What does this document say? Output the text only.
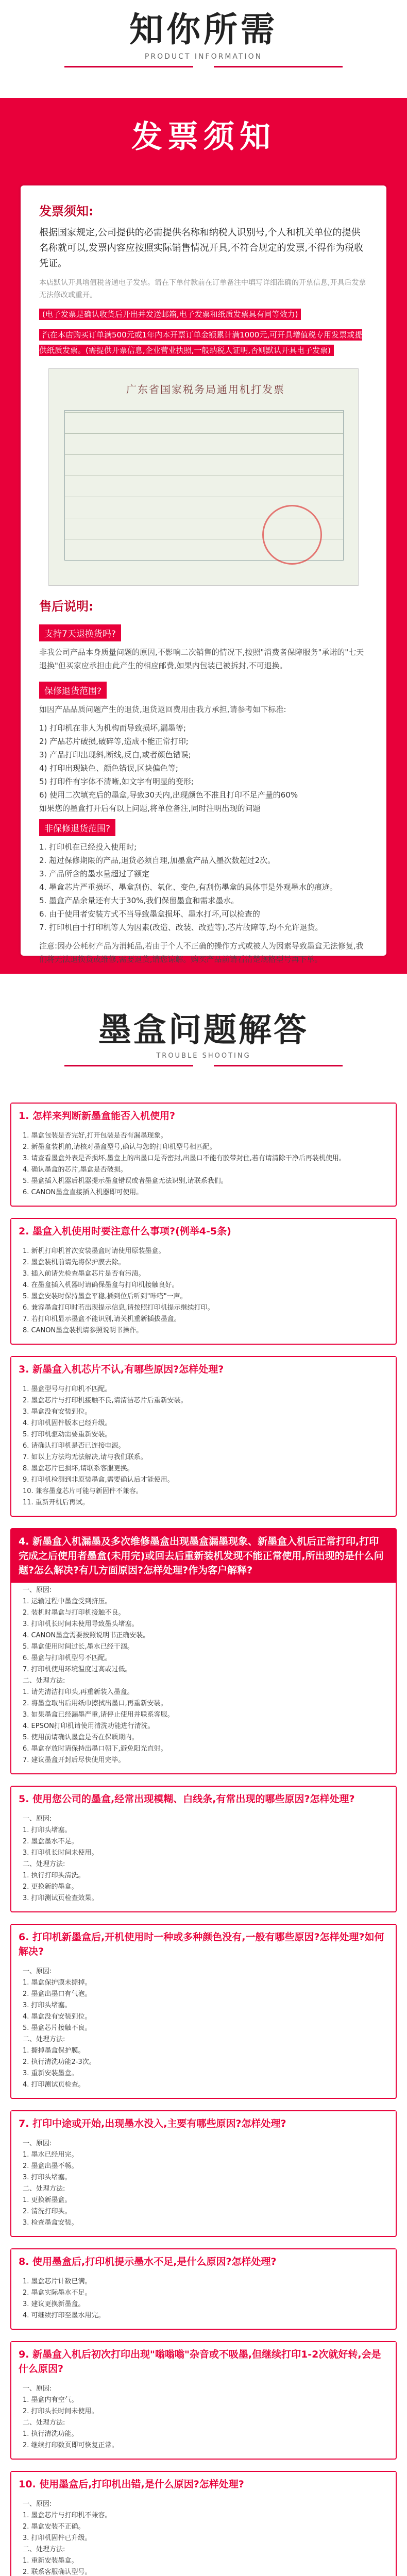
知你所需
PRODUCT INFORMATION
发票须知
发票须知:

根据国家规定,公司提供的必需提供名称和纳税人识别号,个人和机关单位的提供名称就可以,发票内容应按照实际销售情况开具,不符合规定的发票,不得作为税收凭证。

本店默认开具增值税普通电子发票。请在下单付款前在订单备注中填写详细准确的开票信息,开具后发票无法修改或重开。

(电子发票是确认收货后开出并发送邮箱,电子发票和纸质发票具有同等效力)
汽在本店购买订单满500元或1年内本开票订单金额累计满1000元,可开具增值税专用发票或提供纸质发票。(需提供开票信息,企业营业执照,一般纳税人证明,否则默认开具电子发票)
广东省国家税务局通用机打发票
售后说明:
支持7天退换货吗?

非我公司产品本身质量问题的原因,不影响二次销售的情况下,按照"消费者保障服务"承诺的"七天退换"但买家应承担由此产生的相应邮费,如果内包装已被拆封,不可退换。

保修退货范围?

如因产品品质问题产生的退货,退货返回费用由我方承担,请参考如下标准:

1) 打印机在非人为机构而导致损坏,漏墨等;
2) 产品芯片破损,破碎等,造成不能正常打印;
3) 产品打印出现斜,断线,反白,或者颜色错误;
4) 打印出现缺色、颜色错误,区块偏色等;
5) 打印件有字体不清晰,如文字有明显的变形;
6) 使用二次填充后的墨盒,导致30天内,出现颜色不准且打印不足产量的60%
如果您的墨盒打开后有以上问题,将单位备注,同时注明出现的问题
非保修退货范围?
1. 打印机在已经投入使用时;
2. 超过保修期限的产品,退货必须自理,加墨盒产品入墨次数超过2次。
3. 产品所含的墨水量超过了额定
4. 墨盒芯片严重损坏、墨盒刮伤、氧化、变色,有刮伤墨盒的具体事是外观墨水的痕迹。
5. 墨盒产品余量还有大于30%,我们保留墨盒和需求墨水。
6. 由于使用者安装方式不当导致墨盒损坏、墨水打坏,可以检查的
7. 打印机由于打印机等人为因素(改造、改装、改造等),芯片故障等,均不允许退货。

注意:因办公耗材产品为消耗品,若由于个人不正确的操作方式或被人为因素导致墨盒无法修复,我们将无法退换货或维修,需要退货,请您谅解。购买产品前请看清楚规格型号再下单。

墨盒问题解答
TROUBLE SHOOTING
1. 怎样来判断新墨盒能否入机使用?
1. 墨盒包装是否完好,打开包装是否有漏墨现象。
2. 新墨盒装机前,请核对墨盒型号,确认与您的打印机型号相匹配。
3. 请查看墨盒外表是否损坏,墨盒上的出墨口是否密封,出墨口不能有胶带封住,若有请清除干净后再装机使用。
4. 确认墨盒的芯片,墨盒是否破损。
5. 墨盒插入机器后机器提示墨盒错误或者墨盒无法识别,请联系我们。
6. CANON墨盒直接插入机器即可使用。
2. 墨盒入机使用时要注意什么事项?(例举4-5条)
1. 新机打印机首次安装墨盒时请使用原装墨盒。
2. 墨盒装机前请先将保护膜去除。
3. 插入前请先检查墨盒芯片是否有污渍。
4. 在墨盒插入机器时请确保墨盒与打印机接触良好。
5. 墨盒安装时保持墨盒平稳,插到位后听到"咔嗒"一声。
6. 兼容墨盒打印时若出现提示信息,请按照打印机提示继续打印。
7. 若打印机显示墨盒不能识别,请关机重新插拔墨盒。
8. CANON墨盒装机请参照说明书操作。
3. 新墨盒入机芯片不认,有哪些原因?怎样处理?
1. 墨盒型号与打印机不匹配。
2. 墨盒芯片与打印机接触不良,请清洁芯片后重新安装。
3. 墨盒没有安装到位。
4. 打印机固件版本已经升级。
5. 打印机驱动需要重新安装。
6. 请确认打印机是否已连接电源。
7. 如以上方法均无法解决,请与我们联系。
8. 墨盒芯片已损坏,请联系客服更换。
9. 打印机检测到非原装墨盒,需要确认后才能使用。
10. 兼容墨盒芯片可能与新固件不兼容。
11. 重新开机后再试。
4. 新墨盒入机漏墨及多次维修墨盒出现墨盒漏墨现象、新墨盒入机后正常打印,打印完成之后使用者墨盒(未用完)或回去后重新装机发现不能正常使用,所出现的是什么问题?怎么解决?有几方面原因?怎样处理?作为客户解释?
一、原因:
1. 运输过程中墨盒受到挤压。
2. 装机时墨盒与打印机接触不良。
3. 打印机长时间未使用导致墨头堵塞。
4. CANON墨盒需要按照说明书正确安装。
5. 墨盒使用时间过长,墨水已经干涸。
6. 墨盒与打印机型号不匹配。
7. 打印机使用环境温度过高或过低。
二、处理方法:
1. 请先清洁打印头,再重新装入墨盒。
2. 将墨盒取出后用纸巾擦拭出墨口,再重新安装。
3. 如果墨盒已经漏墨严重,请停止使用并联系客服。
4. EPSON打印机请使用清洗功能进行清洗。
5. 使用前请确认墨盒是否在保质期内。
6. 墨盒存放时请保持出墨口朝下,避免阳光直射。
7. 建议墨盒开封后尽快使用完毕。
5. 使用您公司的墨盒,经常出现模糊、白线条,有常出现的哪些原因?怎样处理?
一、原因:
1. 打印头堵塞。
2. 墨盒墨水不足。
3. 打印机长时间未使用。
二、处理方法:
1. 执行打印头清洗。
2. 更换新的墨盒。
3. 打印测试页检查效果。
6. 打印机新墨盒后,开机使用时一种或多种颜色没有,一般有哪些原因?怎样处理?如何解决?
一、原因:
1. 墨盒保护膜未撕掉。
2. 墨盒出墨口有气泡。
3. 打印头堵塞。
4. 墨盒没有安装到位。
5. 墨盒芯片接触不良。
二、处理方法:
1. 撕掉墨盒保护膜。
2. 执行清洗功能2-3次。
3. 重新安装墨盒。
4. 打印测试页检查。
7. 打印中途或开始,出现墨水没入,主要有哪些原因?怎样处理?
一、原因:
1. 墨水已经用完。
2. 墨盒出墨不畅。
3. 打印头堵塞。
二、处理方法:
1. 更换新墨盒。
2. 清洗打印头。
3. 检查墨盒安装。
8. 使用墨盒后,打印机提示墨水不足,是什么原因?怎样处理?
1. 墨盒芯片计数已满。
2. 墨盒实际墨水不足。
3. 建议更换新墨盒。
4. 可继续打印至墨水用完。
9. 新墨盒入机后初次打印出现"嗡嗡嗡"杂音或不吸墨,但继续打印1-2次就好转,会是什么原因?
一、原因:
1. 墨盒内有空气。
2. 打印头长时间未使用。
二、处理方法:
1. 执行清洗功能。
2. 继续打印数页即可恢复正常。
10. 使用墨盒后,打印机出错,是什么原因?怎样处理?
一、原因:
1. 墨盒芯片与打印机不兼容。
2. 墨盒安装不正确。
3. 打印机固件已升级。
二、处理方法:
1. 重新安装墨盒。
2. 联系客服确认型号。
